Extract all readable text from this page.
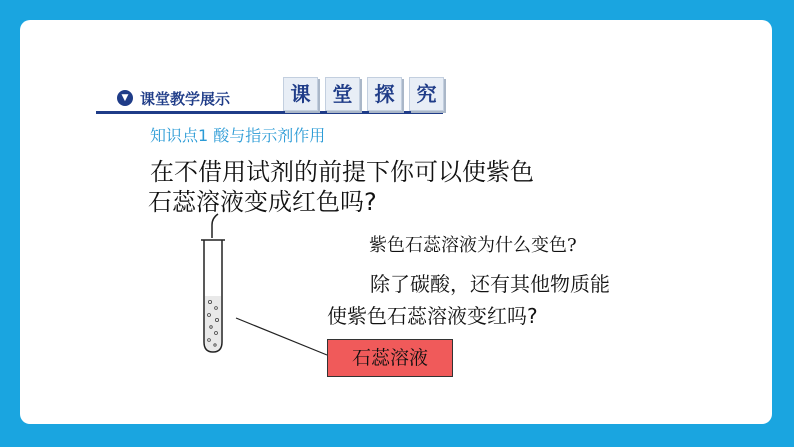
▼ 课堂教学展示	课	堂	探	究
知识点1 酸与指示剂作用
在不借用试剂的前提下你可以使紫色
石蕊溶液变成红色吗?
紫色石蕊溶液为什么变色?
除了碳酸，还有其他物质能
使紫色石蕊溶液变红吗?
石蕊溶液
